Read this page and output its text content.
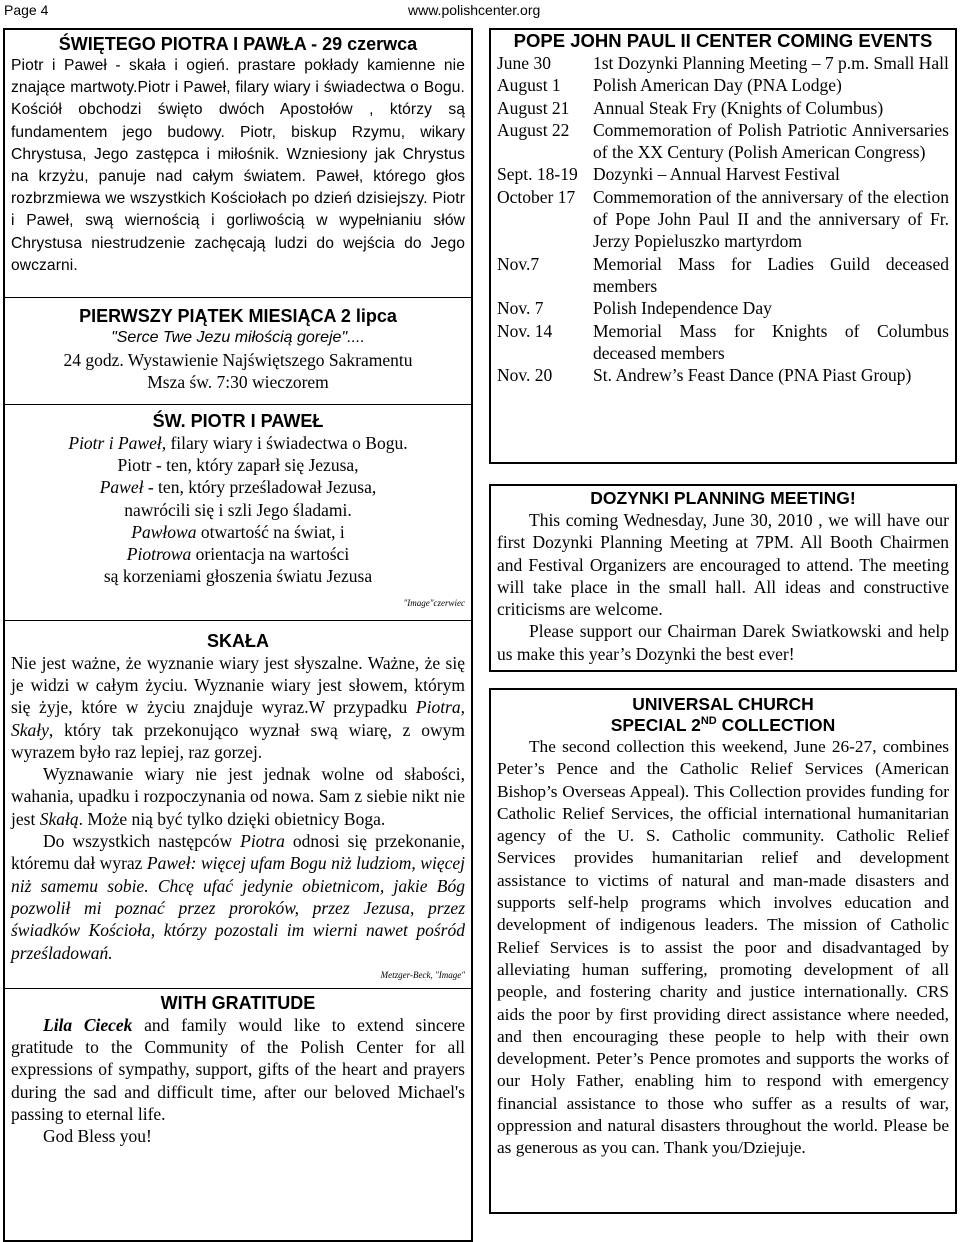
Page 4	www.polishcenter.org
ŚWIĘTEGO PIOTRA I PAWŁA - 29 czerwca

Piotr i Paweł - skała i ogień. prastare pokłady kamienne nie znające martwoty.Piotr i Paweł, filary wiary i świadectwa o Bogu. Kościół obchodzi święto dwóch Apostołów , którzy są fundamentem jego budowy. Piotr, biskup Rzymu, wikary Chrystusa, Jego zastępca i miłośnik. Wzniesiony jak Chrystus na krzyżu, panuje nad całym światem. Paweł, którego głos rozbrzmiewa we wszystkich Kościołach po dzień dzisiejszy. Piotr i Paweł, swą wiernością i gorliwością w wypełnianiu słów Chrystusa niestrudzenie zachęcają ludzi do wejścia do Jego owczarni.

PIERWSZY PIĄTEK MIESIĄCA 2 lipca

"Serce Twe Jezu miłością goreje"....

24 godz. Wystawienie Najświętszego Sakramentu

Msza św. 7:30 wieczorem

ŚW. PIOTR I PAWEŁ

Piotr i Paweł, filary wiary i świadectwa o Bogu.

Piotr - ten, który zaparł się Jezusa,

Paweł - ten, który prześladował Jezusa,

nawrócili się i szli Jego śladami.

Pawłowa otwartość na świat, i

Piotrowa orientacja na wartości

są korzeniami głoszenia światu Jezusa

"Image"czerwiec

SKAŁA

Nie jest ważne, że wyznanie wiary jest słyszalne. Ważne, że się je widzi w całym życiu. Wyznanie wiary jest słowem, którym się żyje, które w życiu znajduje wyraz.W przypadku Piotra, Skały, który tak przekonująco wyznał swą wiarę, z owym wyrazem było raz lepiej, raz gorzej.

Wyznawanie wiary nie jest jednak wolne od słabości, wahania, upadku i rozpoczynania od nowa. Sam z siebie nikt nie jest Skałą. Może nią być tylko dzięki obietnicy Boga.

Do wszystkich następców Piotra odnosi się przekonanie, któremu dał wyraz Paweł: więcej ufam Bogu niż ludziom, więcej niż samemu sobie. Chcę ufać jedynie obietnicom, jakie Bóg pozwolił mi poznać przez proroków, przez Jezusa, przez świadków Kościoła, którzy pozostali im wierni nawet pośród prześladowań.

Metzger-Beck, "Image"

WITH GRATITUDE

Lila Ciecek and family would like to extend sincere gratitude to the Community of the Polish Center for all expressions of sympathy, support, gifts of the heart and prayers during the sad and difficult time, after our beloved Michael's passing to eternal life.

God Bless you!

POPE JOHN PAUL II CENTER COMING EVENTS
June 30	1st Dozynki Planning Meeting – 7 p.m. Small Hall
August 1	Polish American Day (PNA Lodge)
August 21	Annual Steak Fry (Knights of Columbus)
August 22	Commemoration of Polish Patriotic Anniversaries of the XX Century (Polish American Congress)
Sept. 18-19 Dozynki – Annual Harvest Festival
October 17	Commemoration of the anniversary of the election of Pope John Paul II and the anniversary of Fr. Jerzy Popieluszko martyrdom
Nov.7	Memorial Mass for Ladies Guild deceased members
Nov. 7	Polish Independence Day
Nov. 14	Memorial Mass for Knights of Columbus deceased members
Nov. 20	St. Andrew’s Feast Dance (PNA Piast Group)
DOZYNKI PLANNING MEETING!

This coming Wednesday, June 30, 2010 , we will have our first Dozynki Planning Meeting at 7PM. All Booth Chairmen and Festival Organizers are encouraged to attend. The meeting will take place in the small hall. All ideas and constructive criticisms are welcome.

Please support our Chairman Darek Swiatkowski and help us make this year’s Dozynki the best ever!

UNIVERSAL CHURCH
SPECIAL 2ND COLLECTION

The second collection this weekend, June 26-27, combines Peter’s Pence and the Catholic Relief Services (American Bishop’s Overseas Appeal). This Collection provides funding for Catholic Relief Services, the official international humanitarian agency of the U. S. Catholic community. Catholic Relief Services provides humanitarian relief and development assistance to victims of natural and man-made disasters and supports self-help programs which involves education and development of indigenous leaders. The mission of Catholic Relief Services is to assist the poor and disadvantaged by alleviating human suffering, promoting development of all people, and fostering charity and justice internationally. CRS aids the poor by first providing direct assistance where needed, and then encouraging these people to help with their own development. Peter’s Pence promotes and supports the works of our Holy Father, enabling him to respond with emergency financial assistance to those who suffer as a results of war, oppression and natural disasters throughout the world. Please be as generous as you can. Thank you/Dziejuje.
